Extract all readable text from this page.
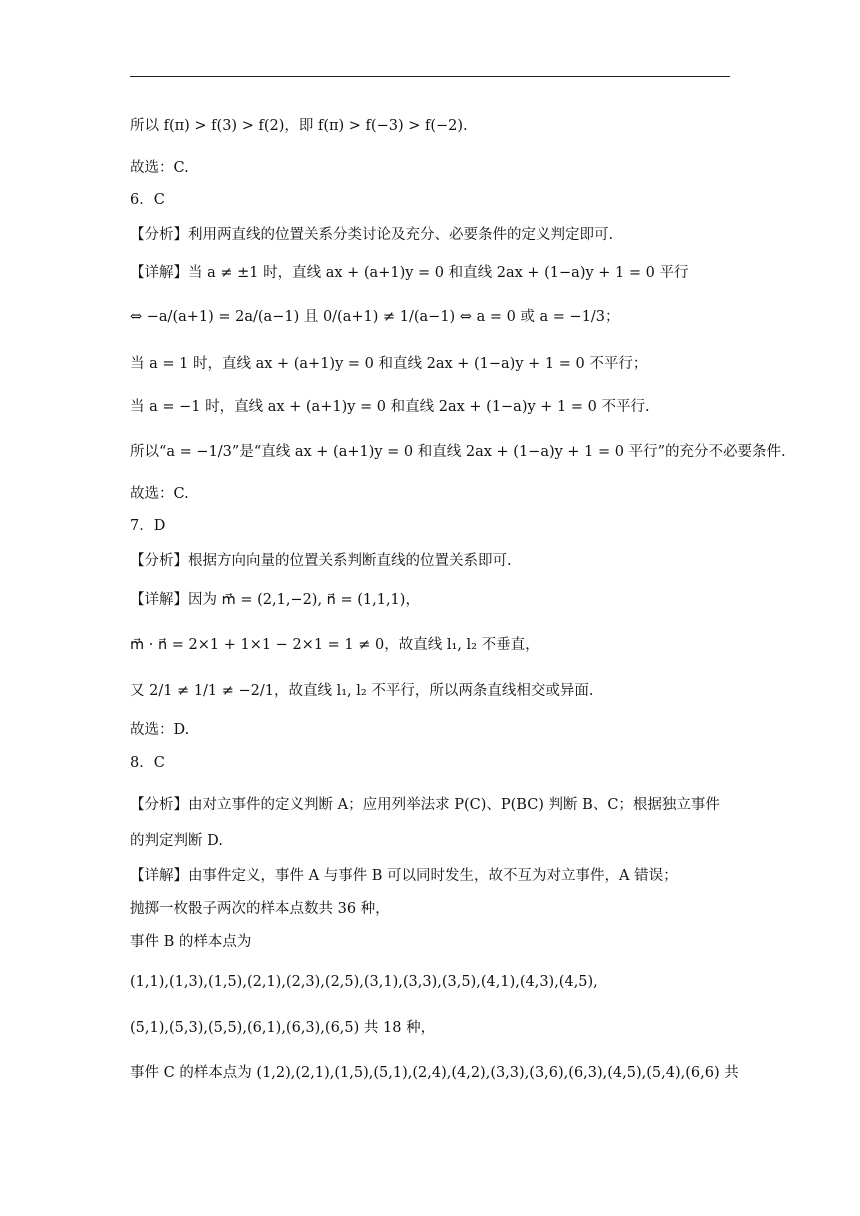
所以 f(π) > f(3) > f(2)，即 f(π) > f(−3) > f(−2).
故选：C.
6．C
【分析】利用两直线的位置关系分类讨论及充分、必要条件的定义判定即可.
【详解】当 a ≠ ±1 时，直线 ax + (a+1)y = 0 和直线 2ax + (1−a)y + 1 = 0 平行
⇔ −a/(a+1) = 2a/(a−1) 且 0/(a+1) ≠ 1/(a−1) ⇔ a = 0 或 a = −1/3；
当 a = 1 时，直线 ax + (a+1)y = 0 和直线 2ax + (1−a)y + 1 = 0 不平行；
当 a = −1 时，直线 ax + (a+1)y = 0 和直线 2ax + (1−a)y + 1 = 0 不平行.
所以“a = −1/3”是“直线 ax + (a+1)y = 0 和直线 2ax + (1−a)y + 1 = 0 平行”的充分不必要条件.
故选：C.
7．D
【分析】根据方向向量的位置关系判断直线的位置关系即可.
【详解】因为 m⃗ = (2,1,−2), n⃗ = (1,1,1)，
m⃗ · n⃗ = 2×1 + 1×1 − 2×1 = 1 ≠ 0，故直线 l₁, l₂ 不垂直，
又 2/1 ≠ 1/1 ≠ −2/1，故直线 l₁, l₂ 不平行，所以两条直线相交或异面.
故选：D.
8．C
【分析】由对立事件的定义判断 A；应用列举法求 P(C)、P(BC) 判断 B、C；根据独立事件
的判定判断 D.
【详解】由事件定义，事件 A 与事件 B 可以同时发生，故不互为对立事件，A 错误；
抛掷一枚骰子两次的样本点数共 36 种，
事件 B 的样本点为
(1,1),(1,3),(1,5),(2,1),(2,3),(2,5),(3,1),(3,3),(3,5),(4,1),(4,3),(4,5),
(5,1),(5,3),(5,5),(6,1),(6,3),(6,5) 共 18 种，
事件 C 的样本点为 (1,2),(2,1),(1,5),(5,1),(2,4),(4,2),(3,3),(3,6),(6,3),(4,5),(5,4),(6,6) 共
